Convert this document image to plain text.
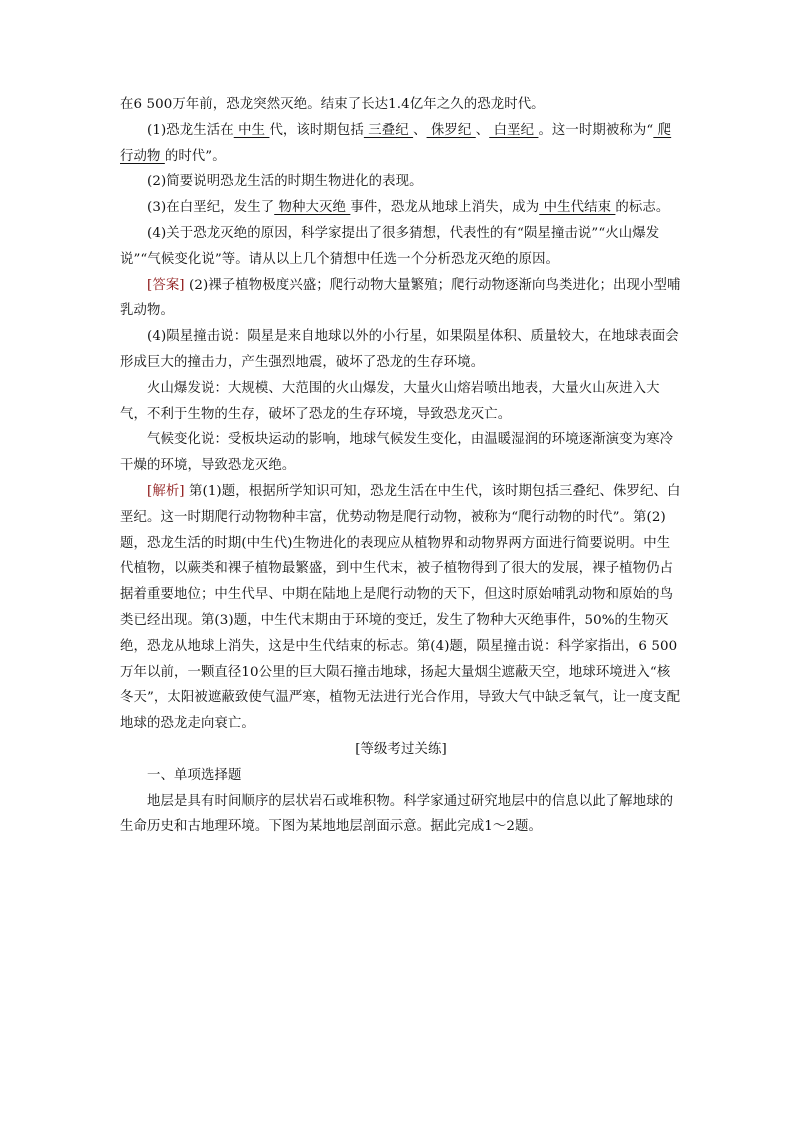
在6 500万年前，恐龙突然灭绝。结束了长达1.4亿年之久的恐龙时代。

(1)恐龙生活在 中生 代，该时期包括 三叠纪 、 侏罗纪 、 白垩纪 。这一时期被称为“ 爬行动物 的时代”。

(2)简要说明恐龙生活的时期生物进化的表现。

(3)在白垩纪，发生了 物种大灭绝 事件，恐龙从地球上消失，成为 中生代结束 的标志。

(4)关于恐龙灭绝的原因，科学家提出了很多猜想，代表性的有“陨星撞击说”“火山爆发说”“气候变化说”等。请从以上几个猜想中任选一个分析恐龙灭绝的原因。

[答案] (2)裸子植物极度兴盛；爬行动物大量繁殖；爬行动物逐渐向鸟类进化；出现小型哺乳动物。

(4)陨星撞击说：陨星是来自地球以外的小行星，如果陨星体积、质量较大，在地球表面会形成巨大的撞击力，产生强烈地震，破坏了恐龙的生存环境。

火山爆发说：大规模、大范围的火山爆发，大量火山熔岩喷出地表，大量火山灰进入大气，不利于生物的生存，破坏了恐龙的生存环境，导致恐龙灭亡。

气候变化说：受板块运动的影响，地球气候发生变化，由温暖湿润的环境逐渐演变为寒冷干燥的环境，导致恐龙灭绝。

[解析] 第(1)题，根据所学知识可知，恐龙生活在中生代，该时期包括三叠纪、侏罗纪、白垩纪。这一时期爬行动物物种丰富，优势动物是爬行动物，被称为“爬行动物的时代”。第(2)题，恐龙生活的时期(中生代)生物进化的表现应从植物界和动物界两方面进行简要说明。中生代植物，以蕨类和裸子植物最繁盛，到中生代末，被子植物得到了很大的发展，裸子植物仍占据着重要地位；中生代早、中期在陆地上是爬行动物的天下，但这时原始哺乳动物和原始的鸟类已经出现。第(3)题，中生代末期由于环境的变迁，发生了物种大灭绝事件，50%的生物灭绝，恐龙从地球上消失，这是中生代结束的标志。第(4)题，陨星撞击说：科学家指出，6 500万年以前，一颗直径10公里的巨大陨石撞击地球，扬起大量烟尘遮蔽天空，地球环境进入“核冬天”，太阳被遮蔽致使气温严寒，植物无法进行光合作用，导致大气中缺乏氧气，让一度支配地球的恐龙走向衰亡。

[等级考过关练]

一、单项选择题

地层是具有时间顺序的层状岩石或堆积物。科学家通过研究地层中的信息以此了解地球的生命历史和古地理环境。下图为某地地层剖面示意。据此完成1～2题。
